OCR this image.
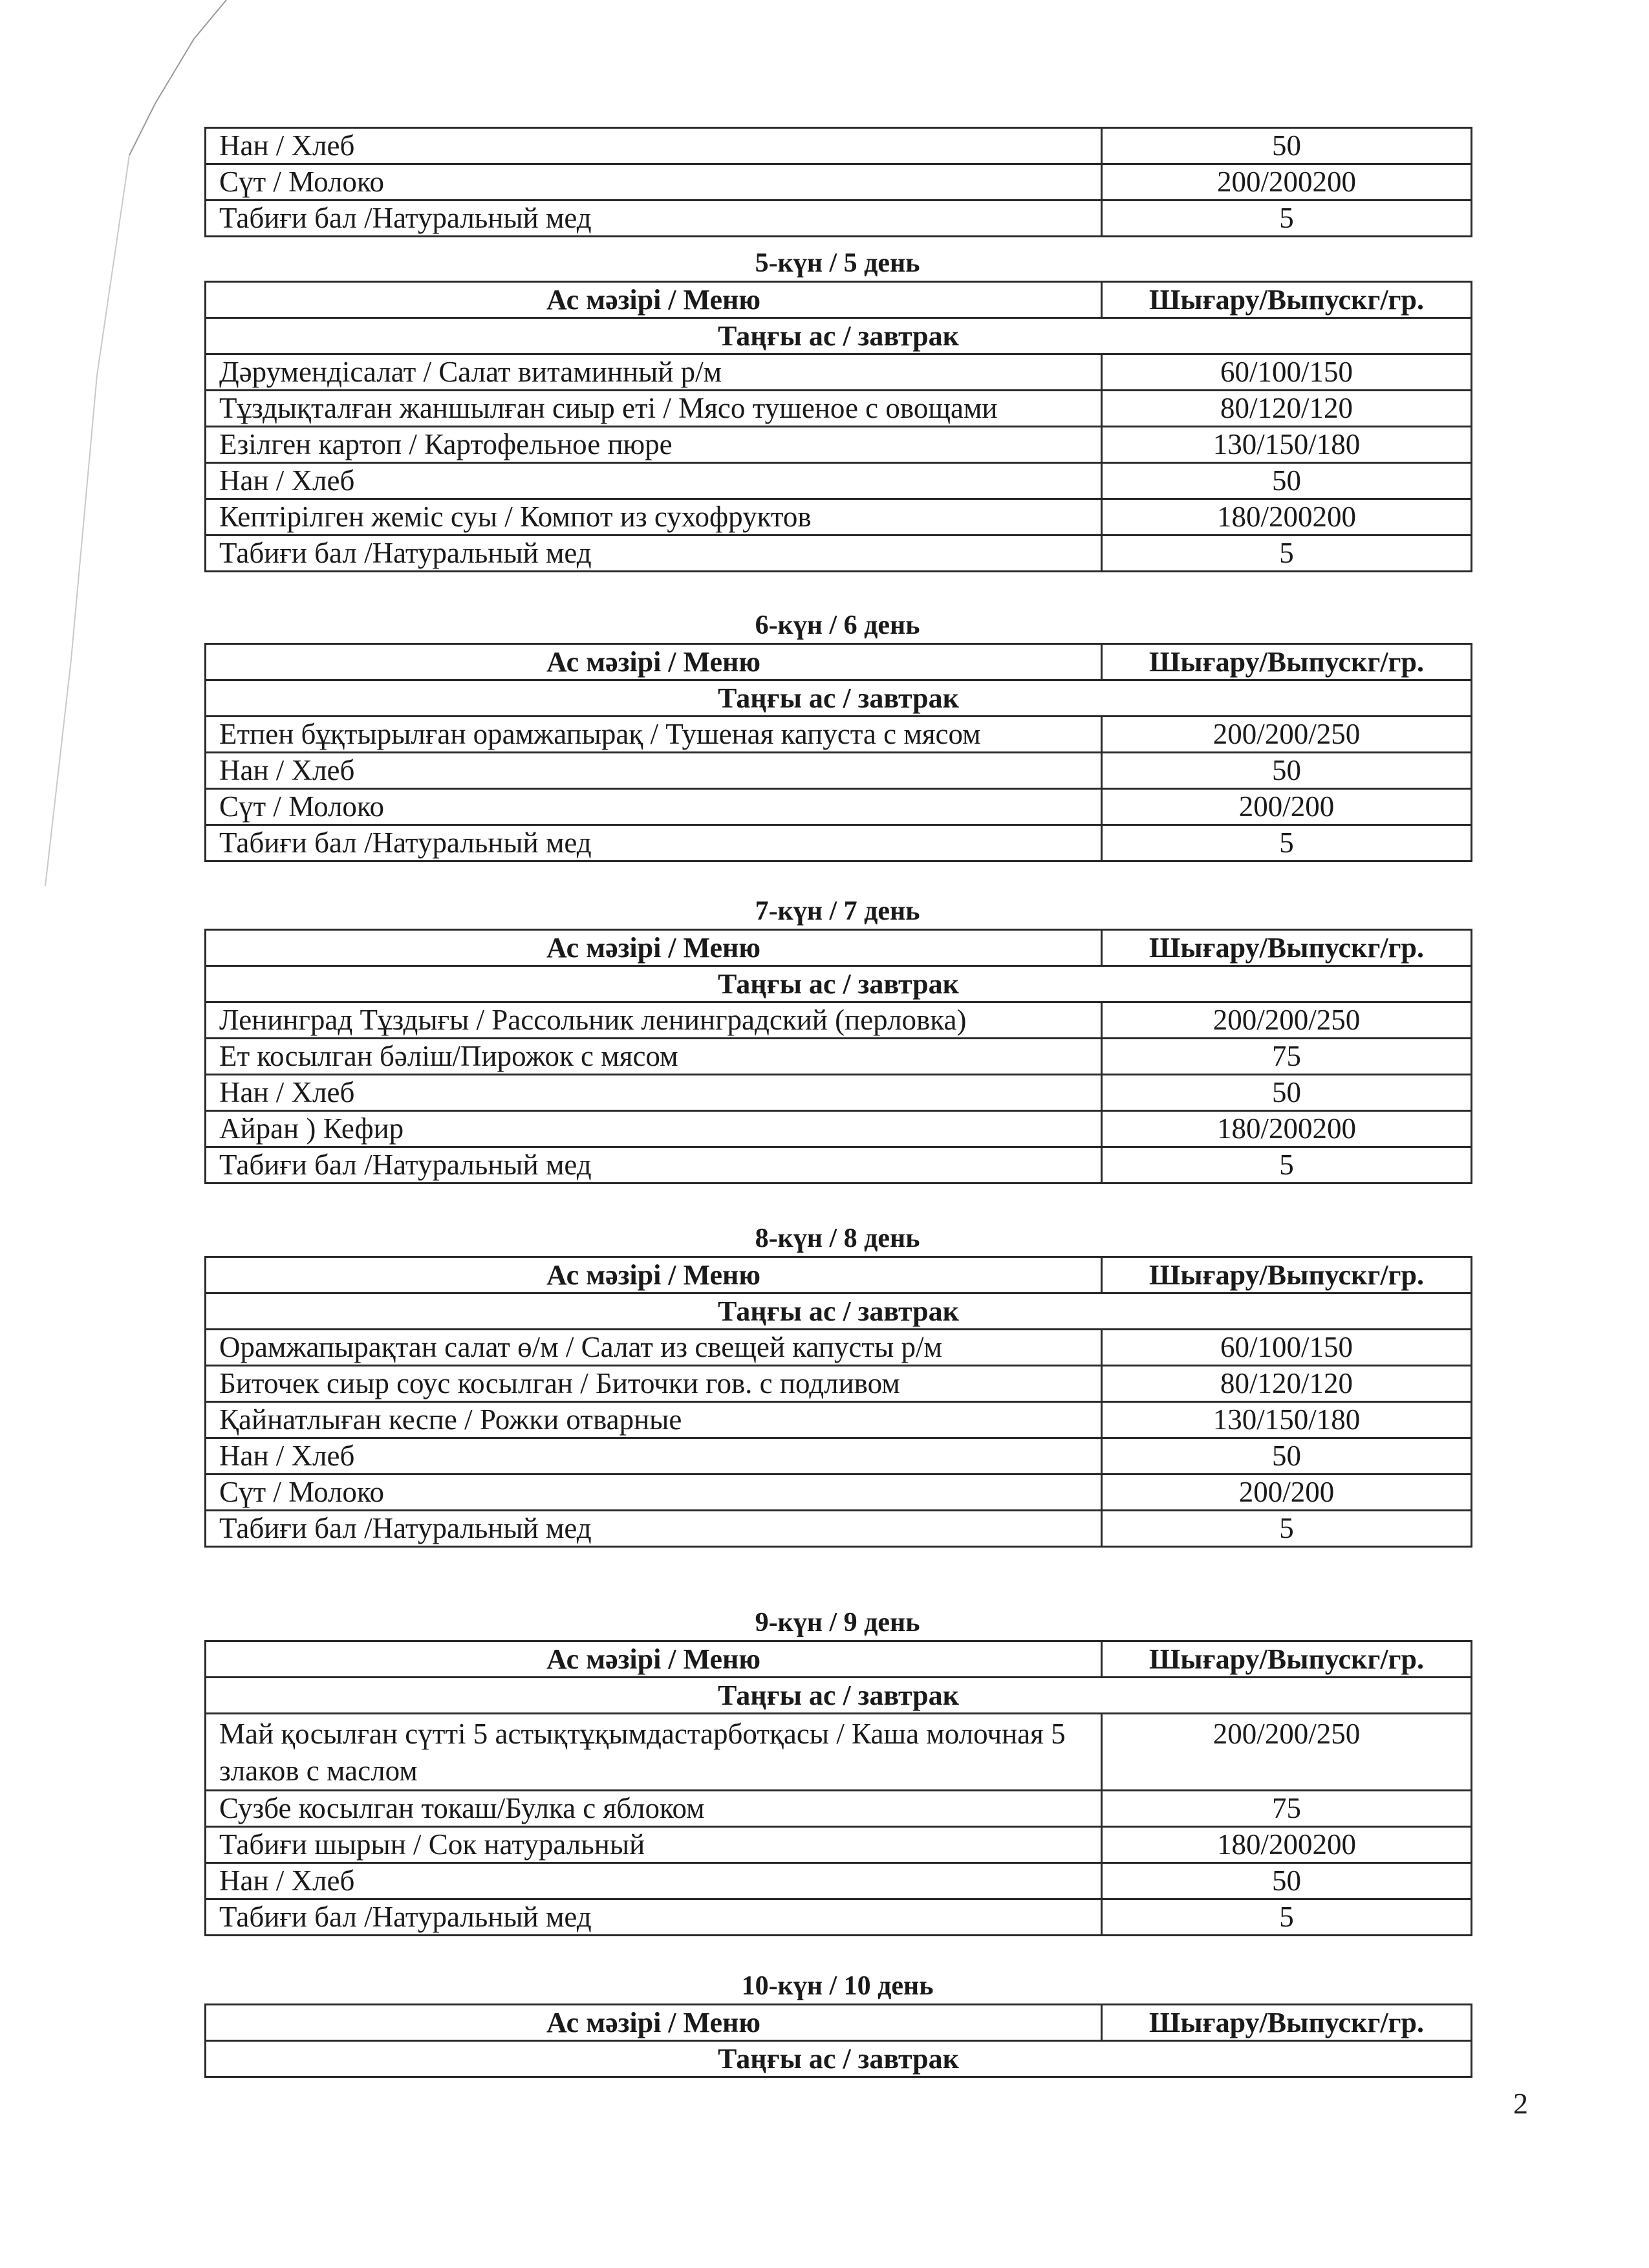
Нан / Хлеб	50
Сүт / Молоко	200/200200
Табиғи бал /Натуральный мед	5
5-күн / 5 день
Ас мәзірі / Меню	Шығару/Выпускг/гр.
Таңғы ас / завтрак	
Дәрумендісалат / Салат витаминный р/м	60/100/150
Тұздықталған жаншылған сиыр еті / Мясо тушеное с овощами	80/120/120
Езілген картоп / Картофельное пюре	130/150/180
Нан / Хлеб	50
Кептірілген жеміс суы / Компот из сухофруктов	180/200200
Табиғи бал /Натуральный мед	5
6-күн / 6 день
Ас мәзірі / Меню	Шығару/Выпускг/гр.
Таңғы ас / завтрак	
Етпен бұқтырылған орамжапырақ / Тушеная капуста с мясом	200/200/250
Нан / Хлеб	50
Сүт / Молоко	200/200
Табиғи бал /Натуральный мед	5
7-күн / 7 день
Ас мәзірі / Меню	Шығару/Выпускг/гр.
Таңғы ас / завтрак	
Ленинград Тұздығы / Рассольник ленинградский (перловка)	200/200/250
Ет косылган бәліш/Пирожок с мясом	75
Нан / Хлеб	50
Айран ) Кефир	180/200200
Табиғи бал /Натуральный мед	5
8-күн / 8 день
Ас мәзірі / Меню	Шығару/Выпускг/гр.
Таңғы ас / завтрак	
Орамжапырақтан салат ө/м / Салат из свещей капусты р/м	60/100/150
Биточек сиыр соус косылган / Биточки гов. с подливом	80/120/120
Қайнатлыған кеспе / Рожки отварные	130/150/180
Нан / Хлеб	50
Сүт / Молоко	200/200
Табиғи бал /Натуральный мед	5
9-күн / 9 день
Ас мәзірі / Меню	Шығару/Выпускг/гр.
Таңғы ас / завтрак	
Май қосылған сүтті 5 астықтұқымдастарботқасы / Каша молочная 5 злаков с маслом	200/200/250
Сузбе косылган токаш/Булка с яблоком	75
Табиғи шырын / Сок натуральный	180/200200
Нан / Хлеб	50
Табиғи бал /Натуральный мед	5
10-күн / 10 день
Ас мәзірі / Меню	Шығару/Выпускг/гр.
Таңғы ас / завтрак
2
